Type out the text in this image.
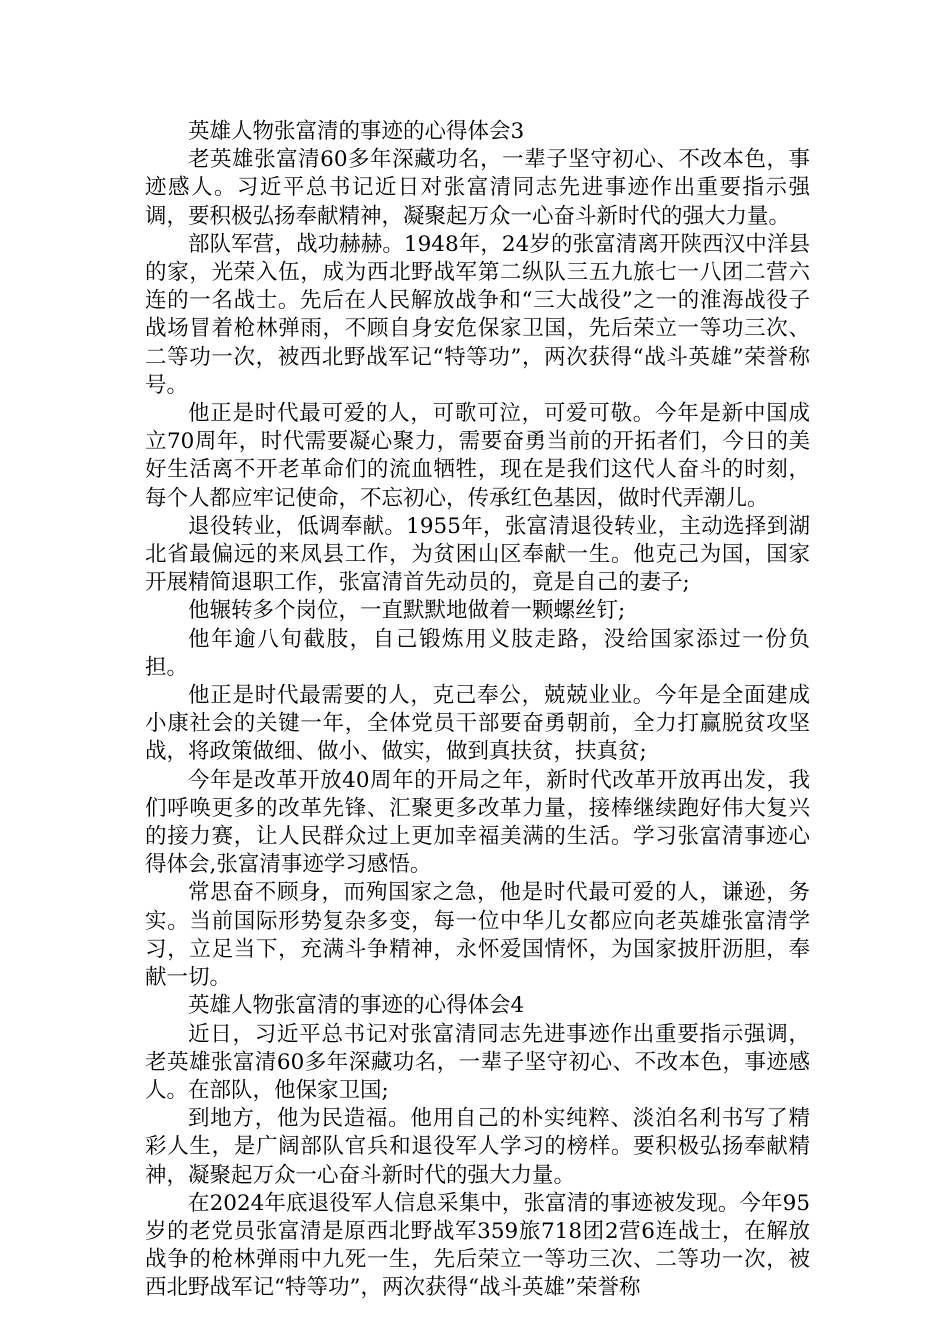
英雄人物张富清的事迹的心得体会3

老英雄张富清60多年深藏功名，一辈子坚守初心、不改本色，事迹感人。习近平总书记近日对张富清同志先进事迹作出重要指示强调，要积极弘扬奉献精神，凝聚起万众一心奋斗新时代的强大力量。

部队军营，战功赫赫。1948年，24岁的张富清离开陕西汉中洋县的家，光荣入伍，成为西北野战军第二纵队三五九旅七一八团二营六连的一名战士。先后在人民解放战争和“三大战役”之一的淮海战役子战场冒着枪林弹雨，不顾自身安危保家卫国，先后荣立一等功三次、二等功一次，被西北野战军记“特等功”，两次获得“战斗英雄”荣誉称号。

他正是时代最可爱的人，可歌可泣，可爱可敬。今年是新中国成立70周年，时代需要凝心聚力，需要奋勇当前的开拓者们，今日的美好生活离不开老革命们的流血牺牲，现在是我们这代人奋斗的时刻，每个人都应牢记使命，不忘初心，传承红色基因，做时代弄潮儿。

退役转业，低调奉献。1955年，张富清退役转业，主动选择到湖北省最偏远的来凤县工作，为贫困山区奉献一生。他克己为国，国家开展精简退职工作，张富清首先动员的，竟是自己的妻子;

他辗转多个岗位，一直默默地做着一颗螺丝钉;

他年逾八旬截肢，自己锻炼用义肢走路，没给国家添过一份负担。

他正是时代最需要的人，克己奉公，兢兢业业。今年是全面建成小康社会的关键一年，全体党员干部要奋勇朝前，全力打赢脱贫攻坚战，将政策做细、做小、做实，做到真扶贫，扶真贫;

今年是改革开放40周年的开局之年，新时代改革开放再出发，我们呼唤更多的改革先锋、汇聚更多改革力量，接棒继续跑好伟大复兴的接力赛，让人民群众过上更加幸福美满的生活。学习张富清事迹心得体会,张富清事迹学习感悟。

常思奋不顾身，而殉国家之急，他是时代最可爱的人，谦逊，务实。当前国际形势复杂多变，每一位中华儿女都应向老英雄张富清学习，立足当下，充满斗争精神，永怀爱国情怀，为国家披肝沥胆，奉献一切。

英雄人物张富清的事迹的心得体会4

近日，习近平总书记对张富清同志先进事迹作出重要指示强调，老英雄张富清60多年深藏功名，一辈子坚守初心、不改本色，事迹感人。在部队，他保家卫国;

到地方，他为民造福。他用自己的朴实纯粹、淡泊名利书写了精彩人生，是广阔部队官兵和退役军人学习的榜样。要积极弘扬奉献精神，凝聚起万众一心奋斗新时代的强大力量。

在2024年底退役军人信息采集中，张富清的事迹被发现。今年95岁的老党员张富清是原西北野战军359旅718团2营6连战士，在解放战争的枪林弹雨中九死一生，先后荣立一等功三次、二等功一次，被西北野战军记“特等功”，两次获得“战斗英雄”荣誉称
